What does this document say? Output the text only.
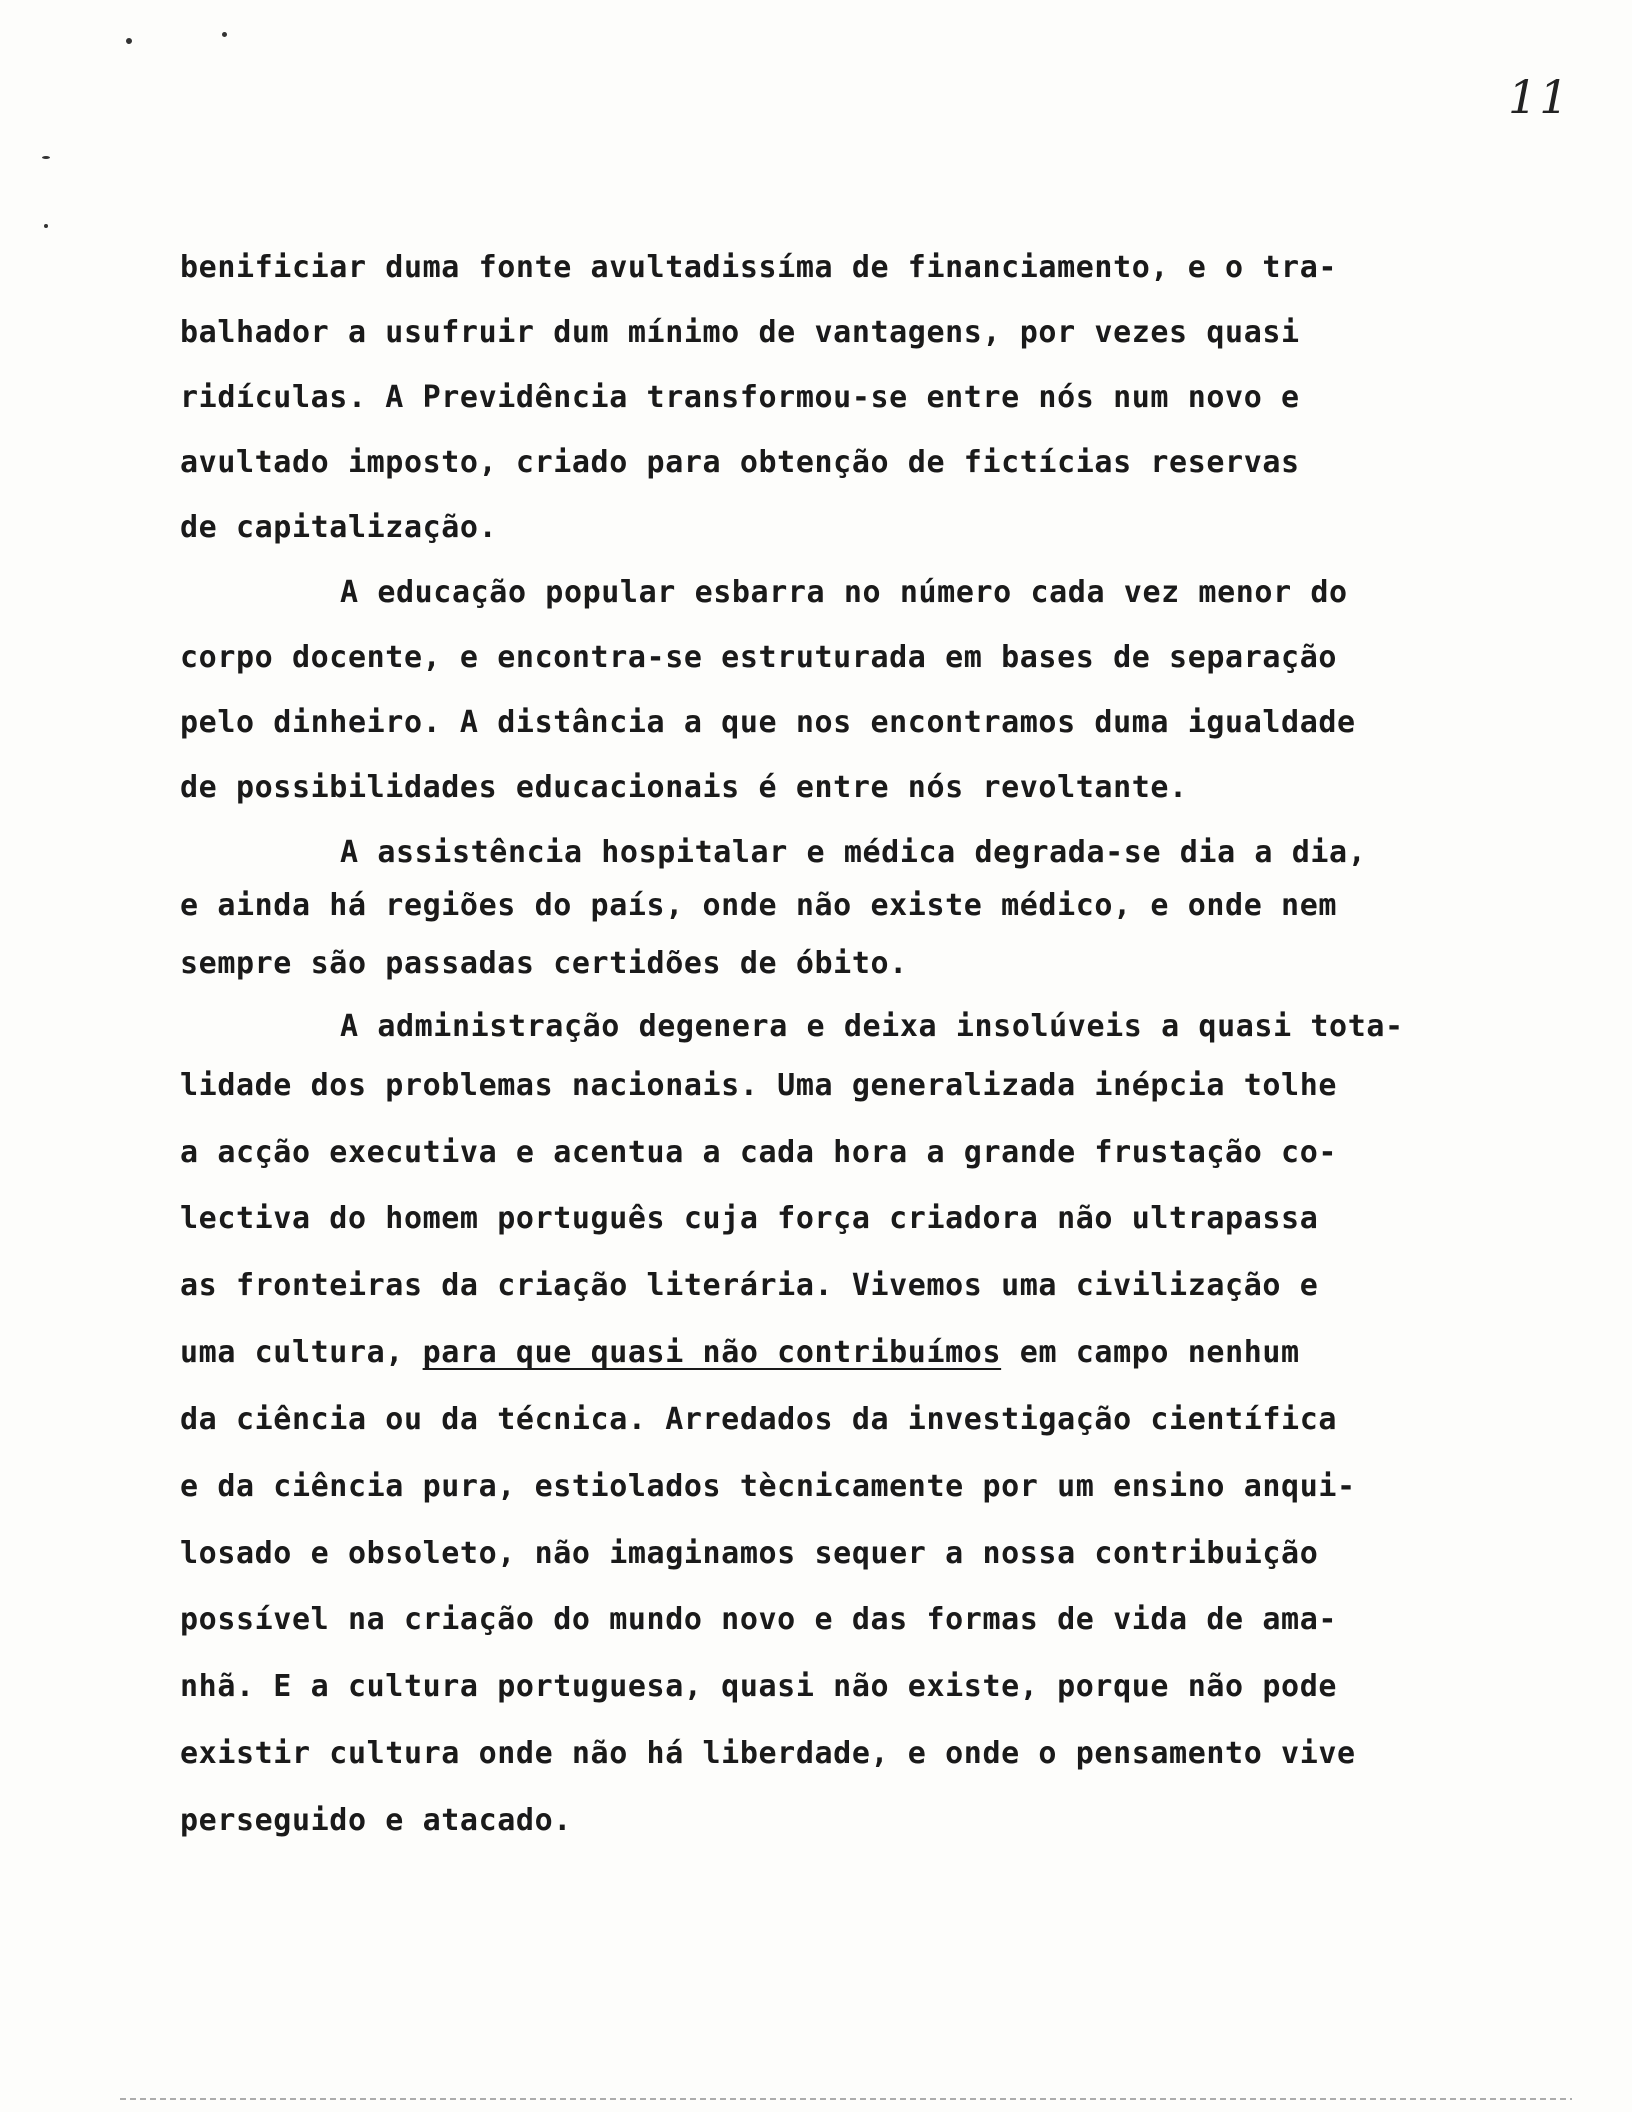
11
benificiar duma fonte avultadissíma de financiamento, e o tra-
balhador a usufruir dum mínimo de vantagens, por vezes quasi
ridículas. A Previdência transformou-se entre nós num novo e
avultado imposto, criado para obtenção de fictícias reservas
de capitalização.
A educação popular esbarra no número cada vez menor do
corpo docente, e encontra-se estruturada em bases de separação
pelo dinheiro. A distância a que nos encontramos duma igualdade
de possibilidades educacionais é entre nós revoltante.
A assistência hospitalar e médica degrada-se dia a dia,
e ainda há regiões do país, onde não existe médico, e onde nem
sempre são passadas certidões de óbito.
A administração degenera e deixa insolúveis a quasi tota-
lidade dos problemas nacionais. Uma generalizada inépcia tolhe
a acção executiva e acentua a cada hora a grande frustação co-
lectiva do homem português cuja força criadora não ultrapassa
as fronteiras da criação literária. Vivemos uma civilização e
uma cultura, para que quasi não contribuímos em campo nenhum
da ciência ou da técnica. Arredados da investigação científica
e da ciência pura, estiolados tècnicamente por um ensino anqui-
losado e obsoleto, não imaginamos sequer a nossa contribuição
possível na criação do mundo novo e das formas de vida de ama-
nhã. E a cultura portuguesa, quasi não existe, porque não pode
existir cultura onde não há liberdade, e onde o pensamento vive
perseguido e atacado.
